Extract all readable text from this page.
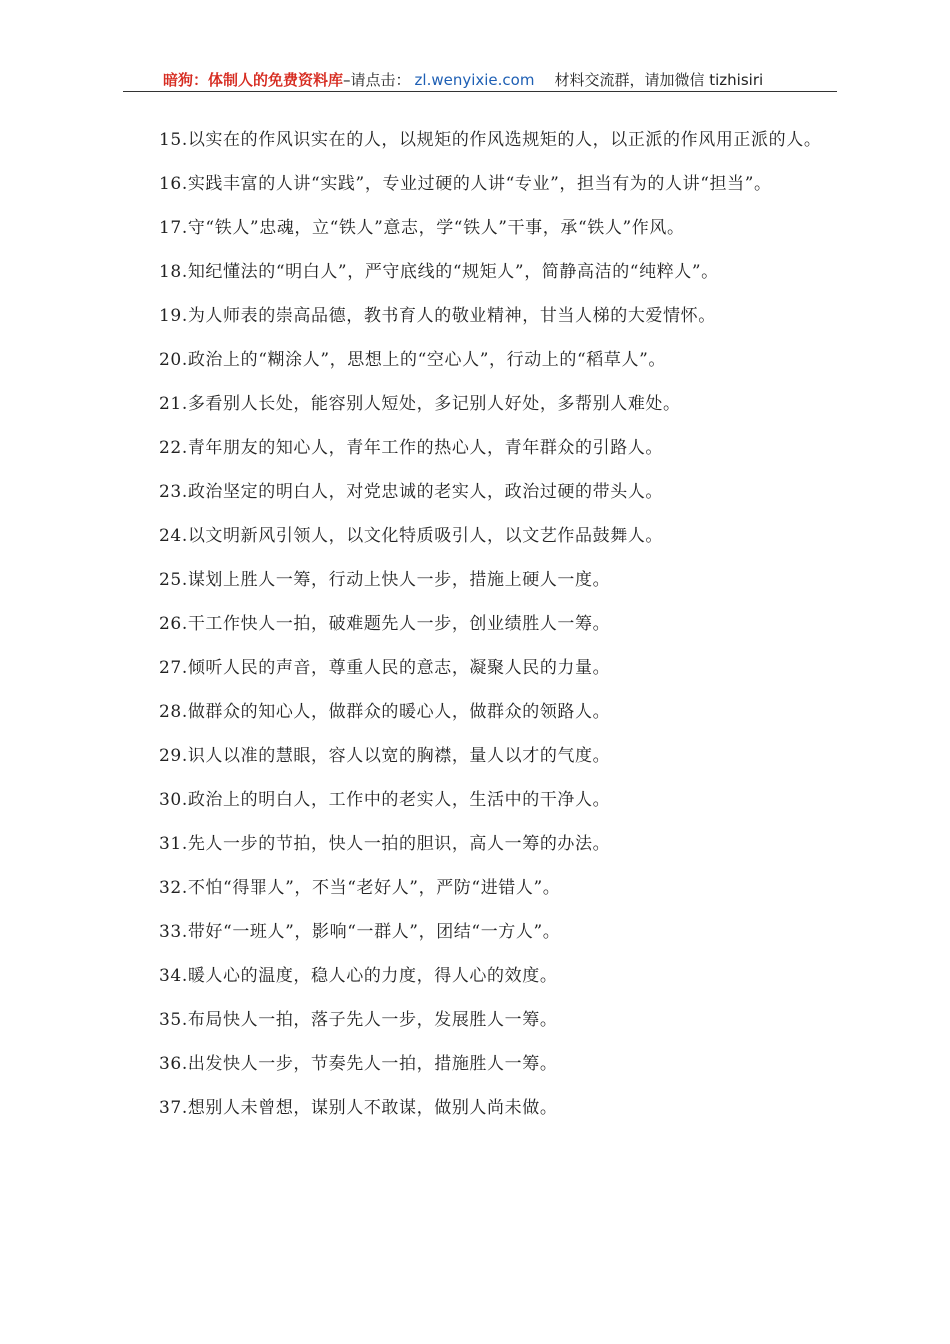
暗狗：体制人的免费资料库–请点击： zl.wenyixie.com 材料交流群，请加微信 tizhisiri

15.以实在的作风识实在的人，以规矩的作风选规矩的人，以正派的作风用正派的人。

16.实践丰富的人讲“实践”，专业过硬的人讲“专业”，担当有为的人讲“担当”。

17.守“铁人”忠魂，立“铁人”意志，学“铁人”干事，承“铁人”作风。

18.知纪懂法的“明白人”，严守底线的“规矩人”，简静高洁的“纯粹人”。

19.为人师表的崇高品德，教书育人的敬业精神，甘当人梯的大爱情怀。

20.政治上的“糊涂人”，思想上的“空心人”，行动上的“稻草人”。

21.多看别人长处，能容别人短处，多记别人好处，多帮别人难处。

22.青年朋友的知心人，青年工作的热心人，青年群众的引路人。

23.政治坚定的明白人，对党忠诚的老实人，政治过硬的带头人。

24.以文明新风引领人，以文化特质吸引人，以文艺作品鼓舞人。

25.谋划上胜人一筹，行动上快人一步，措施上硬人一度。

26.干工作快人一拍，破难题先人一步，创业绩胜人一筹。

27.倾听人民的声音，尊重人民的意志，凝聚人民的力量。

28.做群众的知心人，做群众的暖心人，做群众的领路人。

29.识人以准的慧眼，容人以宽的胸襟，量人以才的气度。

30.政治上的明白人，工作中的老实人，生活中的干净人。

31.先人一步的节拍，快人一拍的胆识，高人一筹的办法。

32.不怕“得罪人”，不当“老好人”，严防“进错人”。

33.带好“一班人”，影响“一群人”，团结“一方人”。

34.暖人心的温度，稳人心的力度，得人心的效度。

35.布局快人一拍，落子先人一步，发展胜人一筹。

36.出发快人一步，节奏先人一拍，措施胜人一筹。

37.想别人未曾想，谋别人不敢谋，做别人尚未做。
